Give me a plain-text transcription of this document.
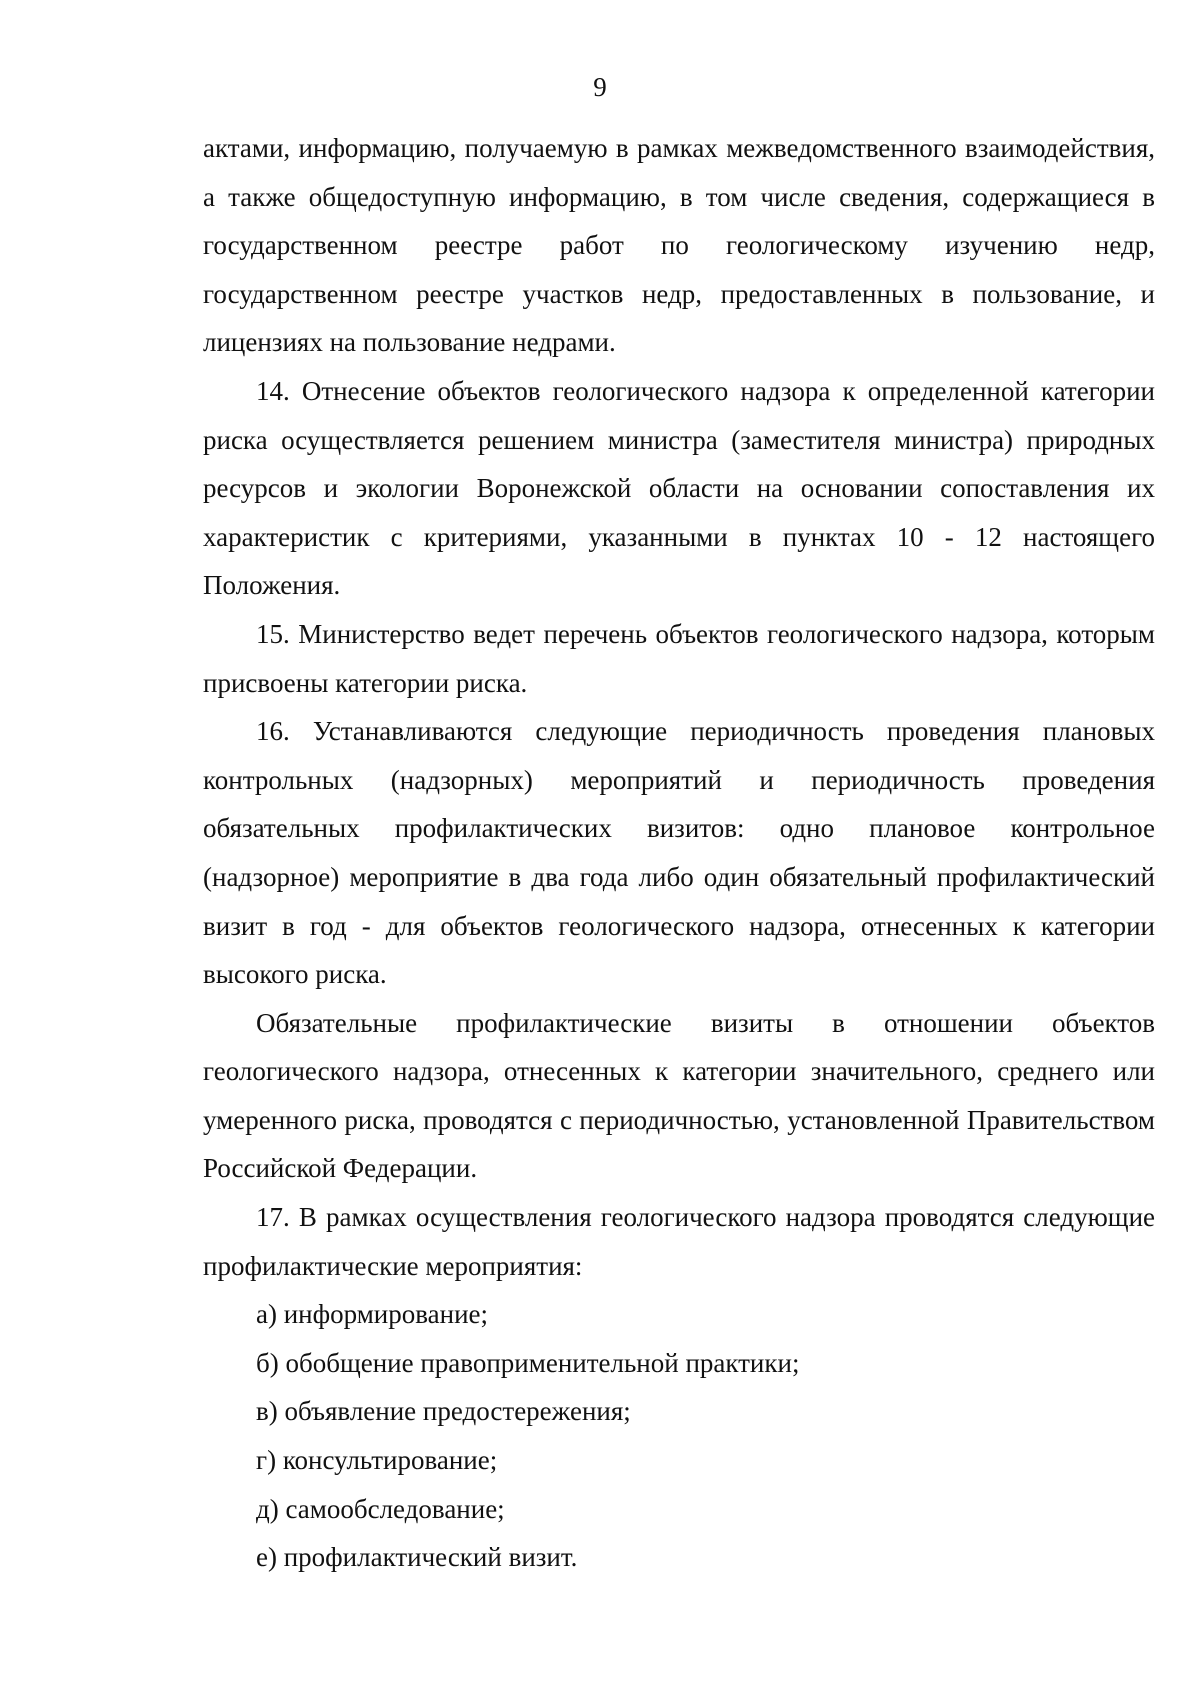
9

актами, информацию, получаемую в рамках межведомственного взаимодействия, а также общедоступную информацию, в том числе сведения, содержащиеся в государственном реестре работ по геологическому изучению недр, государственном реестре участков недр, предоставленных в пользование, и лицензиях на пользование недрами.

14. Отнесение объектов геологического надзора к определенной категории риска осуществляется решением министра (заместителя министра) природных ресурсов и экологии Воронежской области на основании сопоставления их характеристик с критериями, указанными в пунктах 10 - 12 настоящего Положения.

15. Министерство ведет перечень объектов геологического надзора, которым присвоены категории риска.

16. Устанавливаются следующие периодичность проведения плановых контрольных (надзорных) мероприятий и периодичность проведения обязательных профилактических визитов: одно плановое контрольное (надзорное) мероприятие в два года либо один обязательный профилактический визит в год - для объектов геологического надзора, отнесенных к категории высокого риска.

Обязательные профилактические визиты в отношении объектов геологического надзора, отнесенных к категории значительного, среднего или умеренного риска, проводятся с периодичностью, установленной Правительством Российской Федерации.

17. В рамках осуществления геологического надзора проводятся следующие профилактические мероприятия:

а) информирование;

б) обобщение правоприменительной практики;

в) объявление предостережения;

г) консультирование;

д) самообследование;

е) профилактический визит.
